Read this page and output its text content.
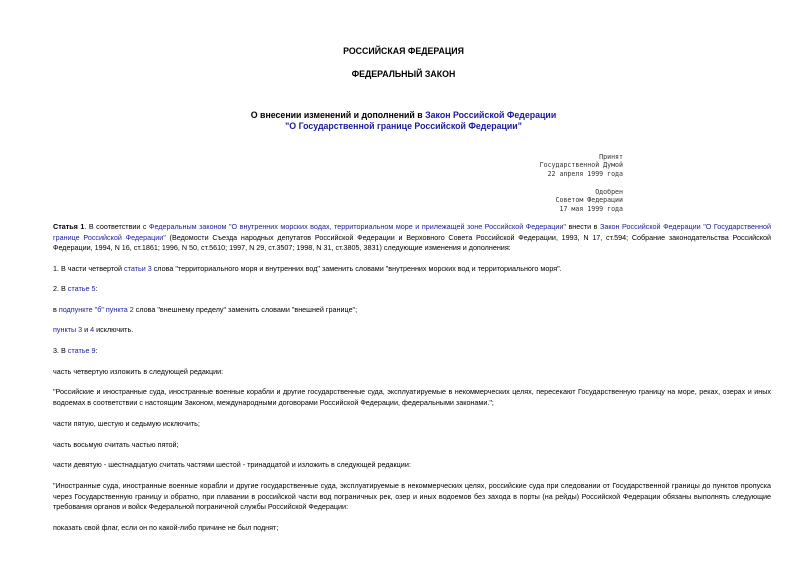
РОССИЙСКАЯ ФЕДЕРАЦИЯ
ФЕДЕРАЛЬНЫЙ ЗАКОН
О внесении изменений и дополнений в Закон Российской Федерации
"О Государственной границе Российской Федерации"
Принят
Государственной Думой
22 апреля 1999 года
Одобрен
Советом Федерации
17 мая 1999 года
Статья 1. В соответствии с Федеральным законом "О внутренних морских водах, территориальном море и прилежащей зоне Российской Федерации" внести в Закон Российской Федерации "О Государственной границе Российской Федерации" (Ведомости Съезда народных депутатов Российской Федерации и Верховного Совета Российской Федерации, 1993, N 17, ст.594; Собрание законодательства Российской Федерации, 1994, N 16, ст.1861; 1996, N 50, ст.5610; 1997, N 29, ст.3507; 1998, N 31, ст.3805, 3831) следующие изменения и дополнения:
1. В части четвертой статьи 3 слова "территориального моря и внутренних вод" заменить словами "внутренних морских вод и территориального моря".
2. В статье 5:
в подпункте "б" пункта 2 слова "внешнему пределу" заменить словами "внешней границе";
пункты 3 и 4 исключить.
3. В статье 9:
часть четвертую изложить в следующей редакции:
"Российские и иностранные суда, иностранные военные корабли и другие государственные суда, эксплуатируемые в некоммерческих целях, пересекают Государственную границу на море, реках, озерах и иных водоемах в соответствии с настоящим Законом, международными договорами Российской Федерации, федеральными законами.";
части пятую, шестую и седьмую исключить;
часть восьмую считать частью пятой;
части девятую - шестнадцатую считать частями шестой - тринадцатой и изложить в следующей редакции:
"Иностранные суда, иностранные военные корабли и другие государственные суда, эксплуатируемые в некоммерческих целях, российские суда при следовании от Государственной границы до пунктов пропуска через Государственную границу и обратно, при плавании в российской части вод пограничных рек, озер и иных водоемов без захода в порты (на рейды) Российской Федерации обязаны выполнять следующие требования органов и войск Федеральной пограничной службы Российской Федерации:
показать свой флаг, если он по какой-либо причине не был поднят;
